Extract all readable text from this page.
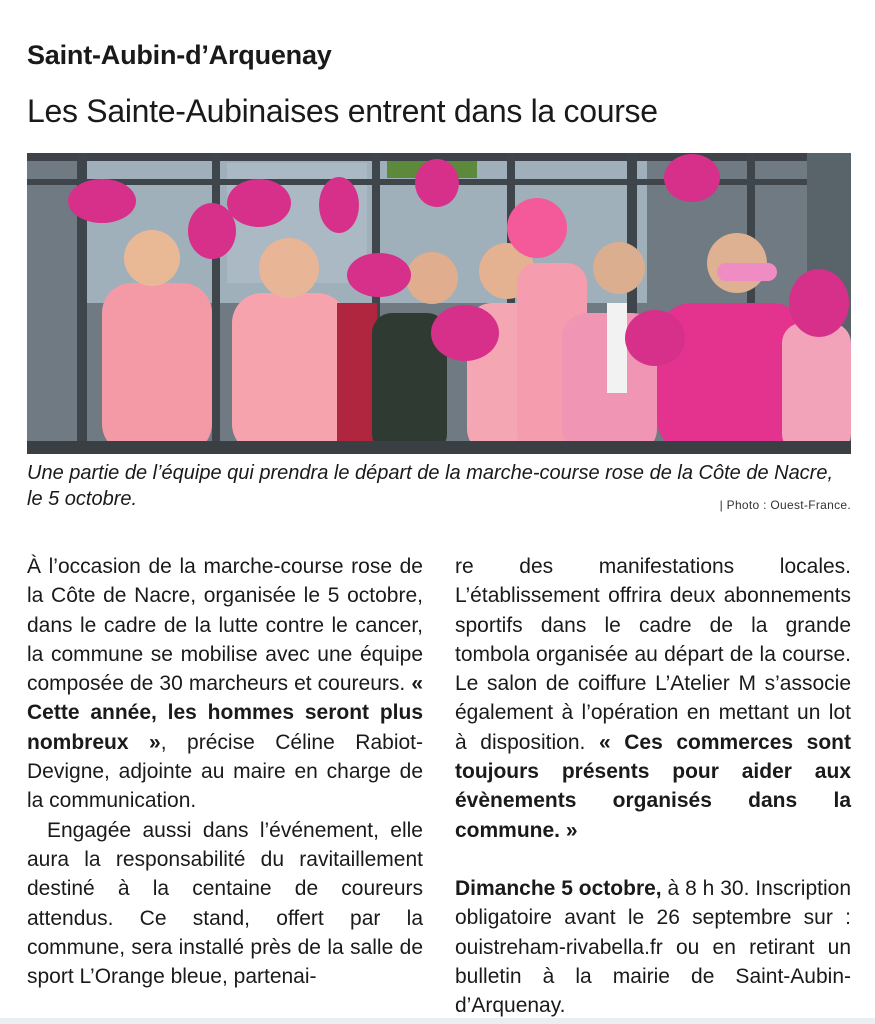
Saint-Aubin-d’Arquenay
Les Sainte-Aubinaises entrent dans la course

Une partie de l’équipe qui prendra le départ de la marche-course rose de la Côte de Nacre, le 5 octobre.	| Photo : Ouest-France.

À l’occasion de la marche-course rose de la Côte de Nacre, organisée le 5 octobre, dans le cadre de la lutte contre le cancer, la commune se mobilise avec une équipe composée de 30 marcheurs et coureurs. « Cette année, les hommes seront plus nombreux », précise Céline Rabiot-Devigne, adjointe au maire en charge de la communication.

Engagée aussi dans l’événement, elle aura la responsabilité du ravitaillement destiné à la centaine de coureurs attendus. Ce stand, offert par la commune, sera installé près de la salle de sport L’Orange bleue, partenai-

re des manifestations locales. L’établissement offrira deux abonnements sportifs dans le cadre de la grande tombola organisée au départ de la course. Le salon de coiffure L’Atelier M s’associe également à l’opération en mettant un lot à disposition. « Ces commerces sont toujours présents pour aider aux évènements organisés dans la commune. »

Dimanche 5 octobre, à 8 h 30. Inscription obligatoire avant le 26 septembre sur : ouistreham-rivabella.fr ou en retirant un bulletin à la mairie de Saint-Aubin-d’Arquenay.
